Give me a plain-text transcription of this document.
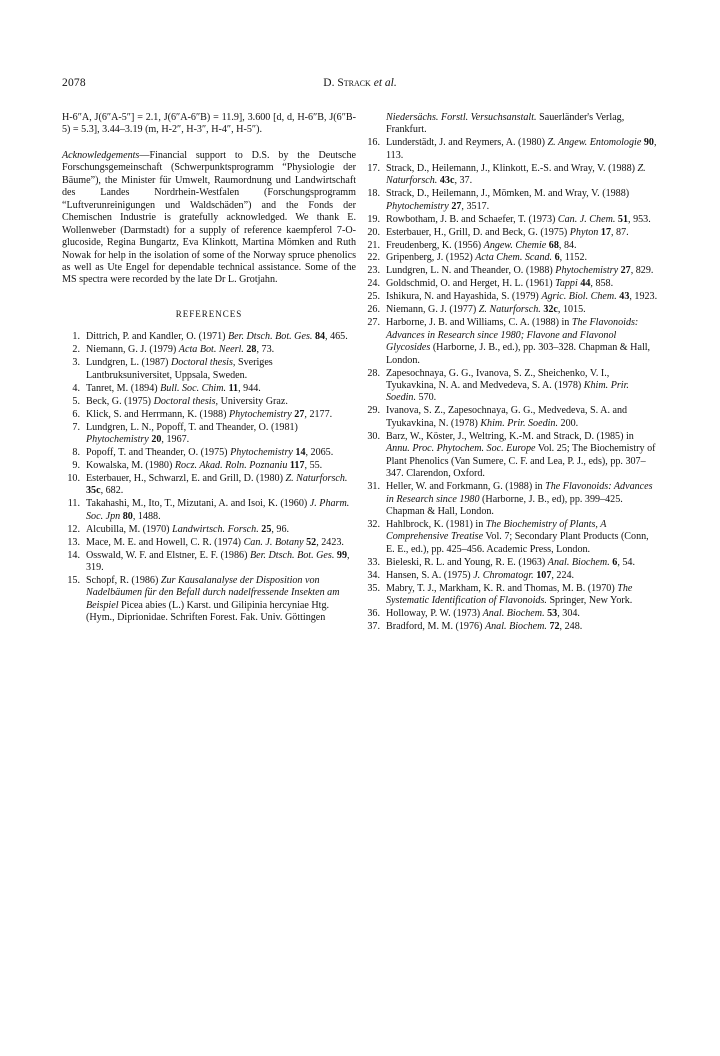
2078	D. Strack et al.

H-6″A, J(6″A-5″] = 2.1, J(6″A-6″B) = 11.9], 3.600 [d, d, H-6″B, J(6″B-5) = 5.3], 3.44–3.19 (m, H-2″, H-3″, H-4″, H-5″).

Acknowledgements—Financial support to D.S. by the Deutsche Forschungsgemeinschaft (Schwerpunktsprogramm “Physiologie der Bäume”), the Minister für Umwelt, Raumordnung und Landwirtschaft des Landes Nordrhein-Westfalen (Forschungsprogramm “Luftverunreinigungen und Waldschäden”) and the Fonds der Chemischen Industrie is gratefully acknowledged. We thank E. Wollenweber (Darmstadt) for a supply of reference kaempferol 7-O-glucoside, Regina Bungartz, Eva Klinkott, Martina Mömken and Ruth Nowak for help in the isolation of some of the Norway spruce phenolics as well as Ute Engel for dependable technical assistance. Some of the MS spectra were recorded by the late Dr L. Grotjahn.

REFERENCES
1. Dittrich, P. and Kandler, O. (1971) Ber. Dtsch. Bot. Ges. 84, 465.
2. Niemann, G. J. (1979) Acta Bot. Neerl. 28, 73.
3. Lundgren, L. (1987) Doctoral thesis, Sveriges Lantbruksuniversitet, Uppsala, Sweden.
4. Tanret, M. (1894) Bull. Soc. Chim. 11, 944.
5. Beck, G. (1975) Doctoral thesis, University Graz.
6. Klick, S. and Herrmann, K. (1988) Phytochemistry 27, 2177.
7. Lundgren, L. N., Popoff, T. and Theander, O. (1981) Phytochemistry 20, 1967.
8. Popoff, T. and Theander, O. (1975) Phytochemistry 14, 2065.
9. Kowalska, M. (1980) Rocz. Akad. Roln. Poznaniu 117, 55.
10. Esterbauer, H., Schwarzl, E. and Grill, D. (1980) Z. Naturforsch. 35c, 682.
11. Takahashi, M., Ito, T., Mizutani, A. and Isoi, K. (1960) J. Pharm. Soc. Jpn 80, 1488.
12. Alcubilla, M. (1970) Landwirtsch. Forsch. 25, 96.
13. Mace, M. E. and Howell, C. R. (1974) Can. J. Botany 52, 2423.
14. Osswald, W. F. and Elstner, E. F. (1986) Ber. Dtsch. Bot. Ges. 99, 319.
15. Schopf, R. (1986) Zur Kausalanalyse der Disposition von Nadelbäumen für den Befall durch nadelfressende Insekten am Beispiel Picea abies (L.) Karst. und Gilipinia hercyniae Htg. (Hym., Diprionidae. Schriften Forest. Fak. Univ. Göttingen
Niedersächs. Forstl. Versuchsanstalt. Sauerländer's Verlag, Frankfurt.
16. Lunderstädt, J. and Reymers, A. (1980) Z. Angew. Entomologie 90, 113.
17. Strack, D., Heilemann, J., Klinkott, E.-S. and Wray, V. (1988) Z. Naturforsch. 43c, 37.
18. Strack, D., Heilemann, J., Mömken, M. and Wray, V. (1988) Phytochemistry 27, 3517.
19. Rowbotham, J. B. and Schaefer, T. (1973) Can. J. Chem. 51, 953.
20. Esterbauer, H., Grill, D. and Beck, G. (1975) Phyton 17, 87.
21. Freudenberg, K. (1956) Angew. Chemie 68, 84.
22. Gripenberg, J. (1952) Acta Chem. Scand. 6, 1152.
23. Lundgren, L. N. and Theander, O. (1988) Phytochemistry 27, 829.
24. Goldschmid, O. and Herget, H. L. (1961) Tappi 44, 858.
25. Ishikura, N. and Hayashida, S. (1979) Agric. Biol. Chem. 43, 1923.
26. Niemann, G. J. (1977) Z. Naturforsch. 32c, 1015.
27. Harborne, J. B. and Williams, C. A. (1988) in The Flavonoids: Advances in Research since 1980; Flavone and Flavonol Glycosides (Harborne, J. B., ed.), pp. 303–328. Chapman & Hall, London.
28. Zapesochnaya, G. G., Ivanova, S. Z., Sheichenko, V. I., Tyukavkina, N. A. and Medvedeva, S. A. (1978) Khim. Prir. Soedin. 570.
29. Ivanova, S. Z., Zapesochnaya, G. G., Medvedeva, S. A. and Tyukavkina, N. (1978) Khim. Prir. Soedin. 200.
30. Barz, W., Köster, J., Weltring, K.-M. and Strack, D. (1985) in Annu. Proc. Phytochem. Soc. Europe Vol. 25; The Biochemistry of Plant Phenolics (Van Sumere, C. F. and Lea, P. J., eds), pp. 307–347. Clarendon, Oxford.
31. Heller, W. and Forkmann, G. (1988) in The Flavonoids: Advances in Research since 1980 (Harborne, J. B., ed), pp. 399–425. Chapman & Hall, London.
32. Hahlbrock, K. (1981) in The Biochemistry of Plants, A Comprehensive Treatise Vol. 7; Secondary Plant Products (Conn, E. E., ed.), pp. 425–456. Academic Press, London.
33. Bieleski, R. L. and Young, R. E. (1963) Anal. Biochem. 6, 54.
34. Hansen, S. A. (1975) J. Chromatogr. 107, 224.
35. Mabry, T. J., Markham, K. R. and Thomas, M. B. (1970) The Systematic Identification of Flavonoids. Springer, New York.
36. Holloway, P. W. (1973) Anal. Biochem. 53, 304.
37. Bradford, M. M. (1976) Anal. Biochem. 72, 248.
